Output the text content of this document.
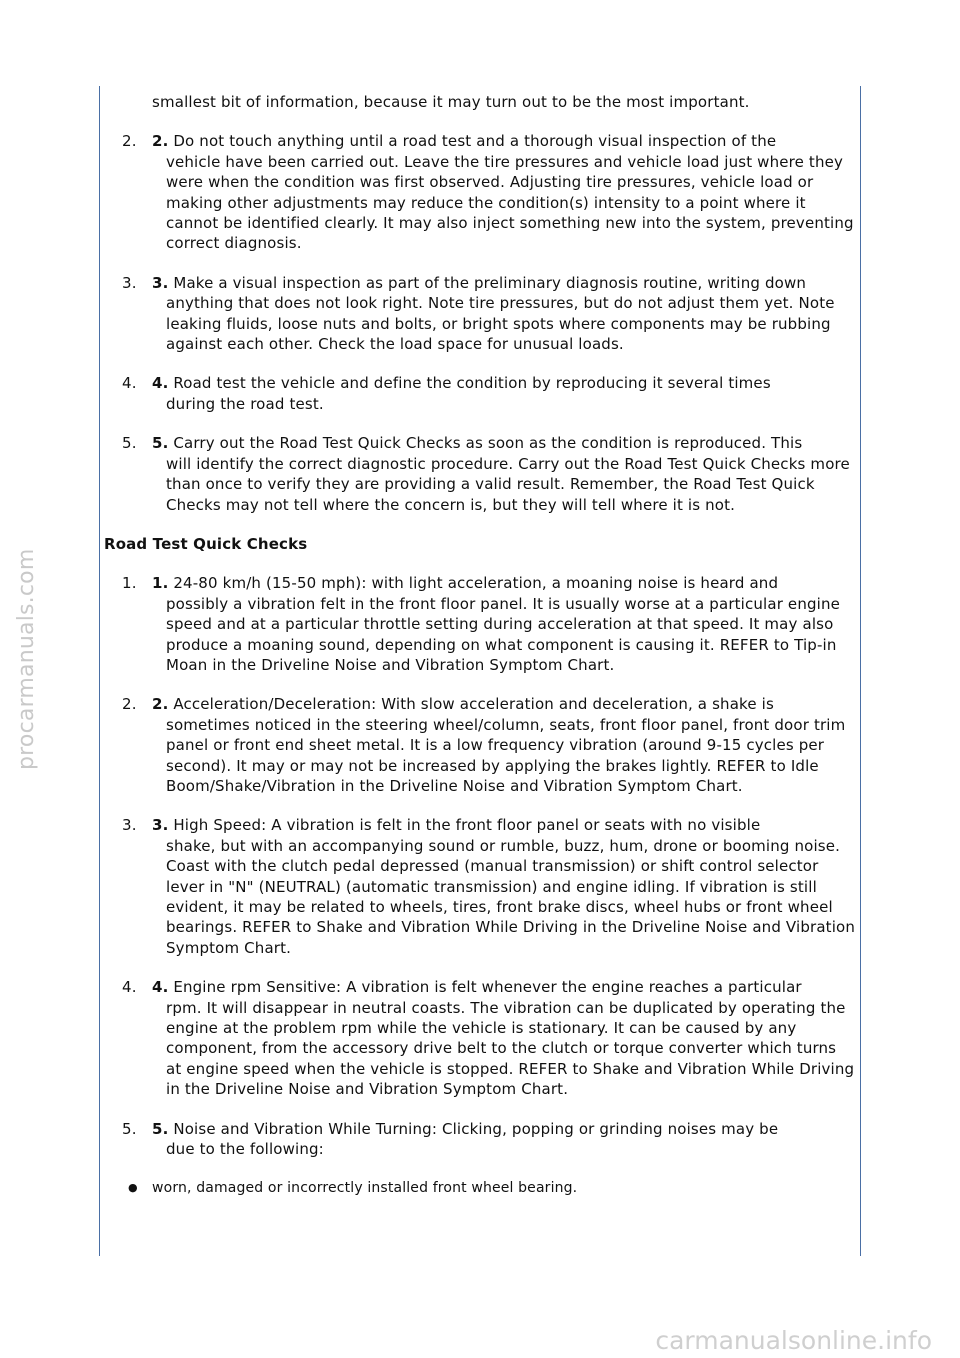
procarmanuals.com
carmanualsonline.info

smallest bit of information, because it may turn out to be the most important.

2.	2. Do not touch anything until a road test and a thorough visual inspection of the
vehicle have been carried out. Leave the tire pressures and vehicle load just where they were when the condition was first observed. Adjusting tire pressures, vehicle load or making other adjustments may reduce the condition(s) intensity to a point where it cannot be identified clearly. It may also inject something new into the system, preventing correct diagnosis.
3.	3. Make a visual inspection as part of the preliminary diagnosis routine, writing down
anything that does not look right. Note tire pressures, but do not adjust them yet. Note leaking fluids, loose nuts and bolts, or bright spots where components may be rubbing against each other. Check the load space for unusual loads.
4.	4. Road test the vehicle and define the condition by reproducing it several times
during the road test.
5.	5. Carry out the Road Test Quick Checks as soon as the condition is reproduced. This
will identify the correct diagnostic procedure. Carry out the Road Test Quick Checks more than once to verify they are providing a valid result. Remember, the Road Test Quick Checks may not tell where the concern is, but they will tell where it is not.
Road Test Quick Checks
1.	1. 24-80 km/h (15-50 mph): with light acceleration, a moaning noise is heard and
possibly a vibration felt in the front floor panel. It is usually worse at a particular engine speed and at a particular throttle setting during acceleration at that speed. It may also produce a moaning sound, depending on what component is causing it. REFER to Tip-in Moan in the Driveline Noise and Vibration Symptom Chart.
2.	2. Acceleration/Deceleration: With slow acceleration and deceleration, a shake is
sometimes noticed in the steering wheel/column, seats, front floor panel, front door trim panel or front end sheet metal. It is a low frequency vibration (around 9-15 cycles per second). It may or may not be increased by applying the brakes lightly. REFER to Idle Boom/Shake/Vibration in the Driveline Noise and Vibration Symptom Chart.
3.	3. High Speed: A vibration is felt in the front floor panel or seats with no visible
shake, but with an accompanying sound or rumble, buzz, hum, drone or booming noise. Coast with the clutch pedal depressed (manual transmission) or shift control selector lever in "N" (NEUTRAL) (automatic transmission) and engine idling. If vibration is still evident, it may be related to wheels, tires, front brake discs, wheel hubs or front wheel bearings. REFER to Shake and Vibration While Driving in the Driveline Noise and Vibration Symptom Chart.
4.	4. Engine rpm Sensitive: A vibration is felt whenever the engine reaches a particular
rpm. It will disappear in neutral coasts. The vibration can be duplicated by operating the engine at the problem rpm while the vehicle is stationary. It can be caused by any component, from the accessory drive belt to the clutch or torque converter which turns at engine speed when the vehicle is stopped. REFER to Shake and Vibration While Driving in the Driveline Noise and Vibration Symptom Chart.
5.	5. Noise and Vibration While Turning: Clicking, popping or grinding noises may be
due to the following:
●	worn, damaged or incorrectly installed front wheel bearing.
